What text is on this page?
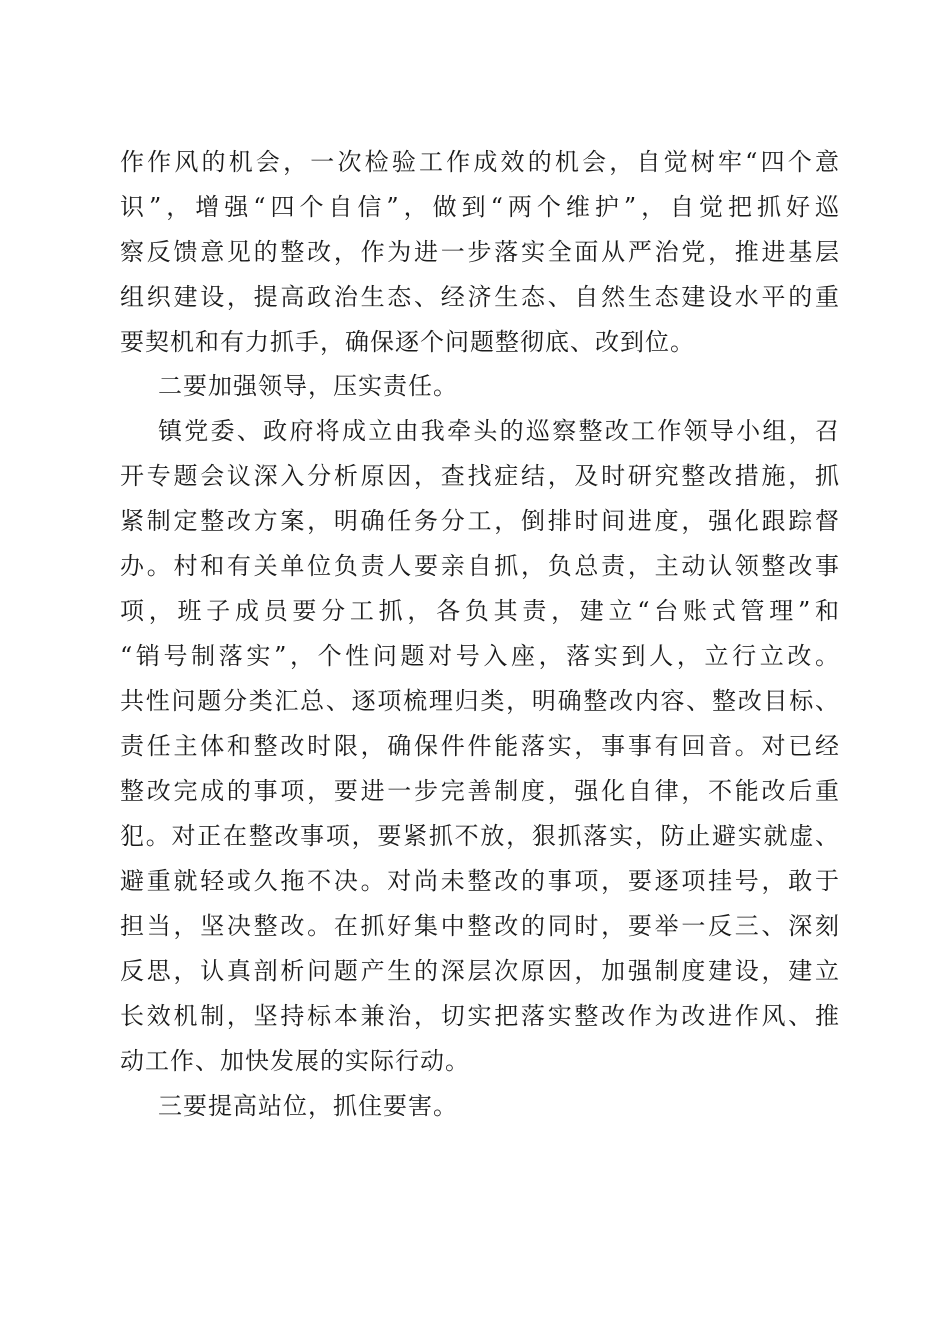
作作风的机会，一次检验工作成效的机会，自觉树牢“四个意
识”，增强“四个自信”，做到“两个维护”，自觉把抓好巡
察反馈意见的整改，作为进一步落实全面从严治党，推进基层
组织建设，提高政治生态、经济生态、自然生态建设水平的重
要契机和有力抓手，确保逐个问题整彻底、改到位。
二要加强领导，压实责任。
镇党委、政府将成立由我牵头的巡察整改工作领导小组，召
开专题会议深入分析原因，查找症结，及时研究整改措施，抓
紧制定整改方案，明确任务分工，倒排时间进度，强化跟踪督
办。村和有关单位负责人要亲自抓，负总责，主动认领整改事
项，班子成员要分工抓，各负其责，建立“台账式管理”和
“销号制落实”，个性问题对号入座，落实到人，立行立改。
共性问题分类汇总、逐项梳理归类，明确整改内容、整改目标、
责任主体和整改时限，确保件件能落实，事事有回音。对已经
整改完成的事项，要进一步完善制度，强化自律，不能改后重
犯。对正在整改事项，要紧抓不放，狠抓落实，防止避实就虚、
避重就轻或久拖不决。对尚未整改的事项，要逐项挂号，敢于
担当，坚决整改。在抓好集中整改的同时，要举一反三、深刻
反思，认真剖析问题产生的深层次原因，加强制度建设，建立
长效机制，坚持标本兼治，切实把落实整改作为改进作风、推
动工作、加快发展的实际行动。
三要提高站位，抓住要害。
